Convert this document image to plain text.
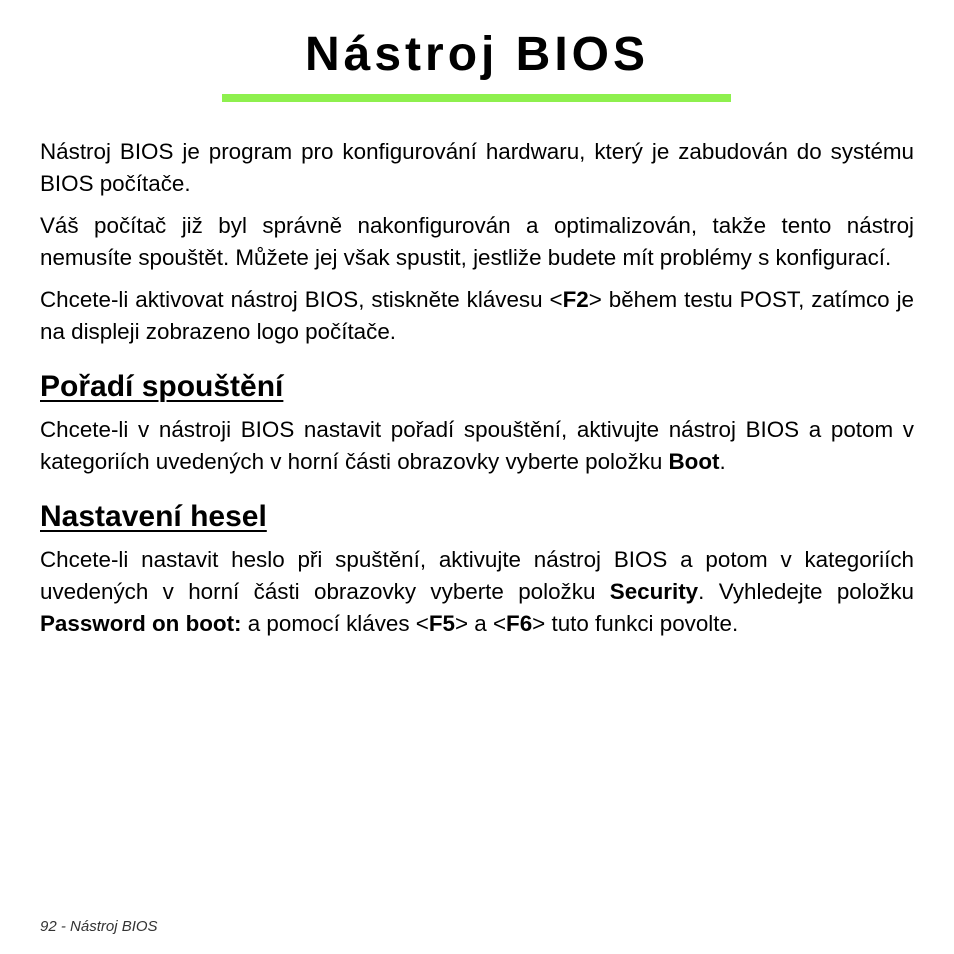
Nástroj BIOS

Nástroj BIOS je program pro konfigurování hardwaru, který je zabudován do systému BIOS počítače.

Váš počítač již byl správně nakonfigurován a optimalizován, takže tento nástroj nemusíte spouštět. Můžete jej však spustit, jestliže budete mít problémy s konfigurací.

Chcete-li aktivovat nástroj BIOS, stiskněte klávesu <F2> během testu POST, zatímco je na displeji zobrazeno logo počítače.

Pořadí spouštění

Chcete-li v nástroji BIOS nastavit pořadí spouštění, aktivujte nástroj BIOS a potom v kategoriích uvedených v horní části obrazovky vyberte položku Boot.

Nastavení hesel

Chcete-li nastavit heslo při spuštění, aktivujte nástroj BIOS a potom v kategoriích uvedených v horní části obrazovky vyberte položku Security. Vyhledejte položku Password on boot: a pomocí kláves <F5> a <F6> tuto funkci povolte.

92 - Nástroj BIOS
